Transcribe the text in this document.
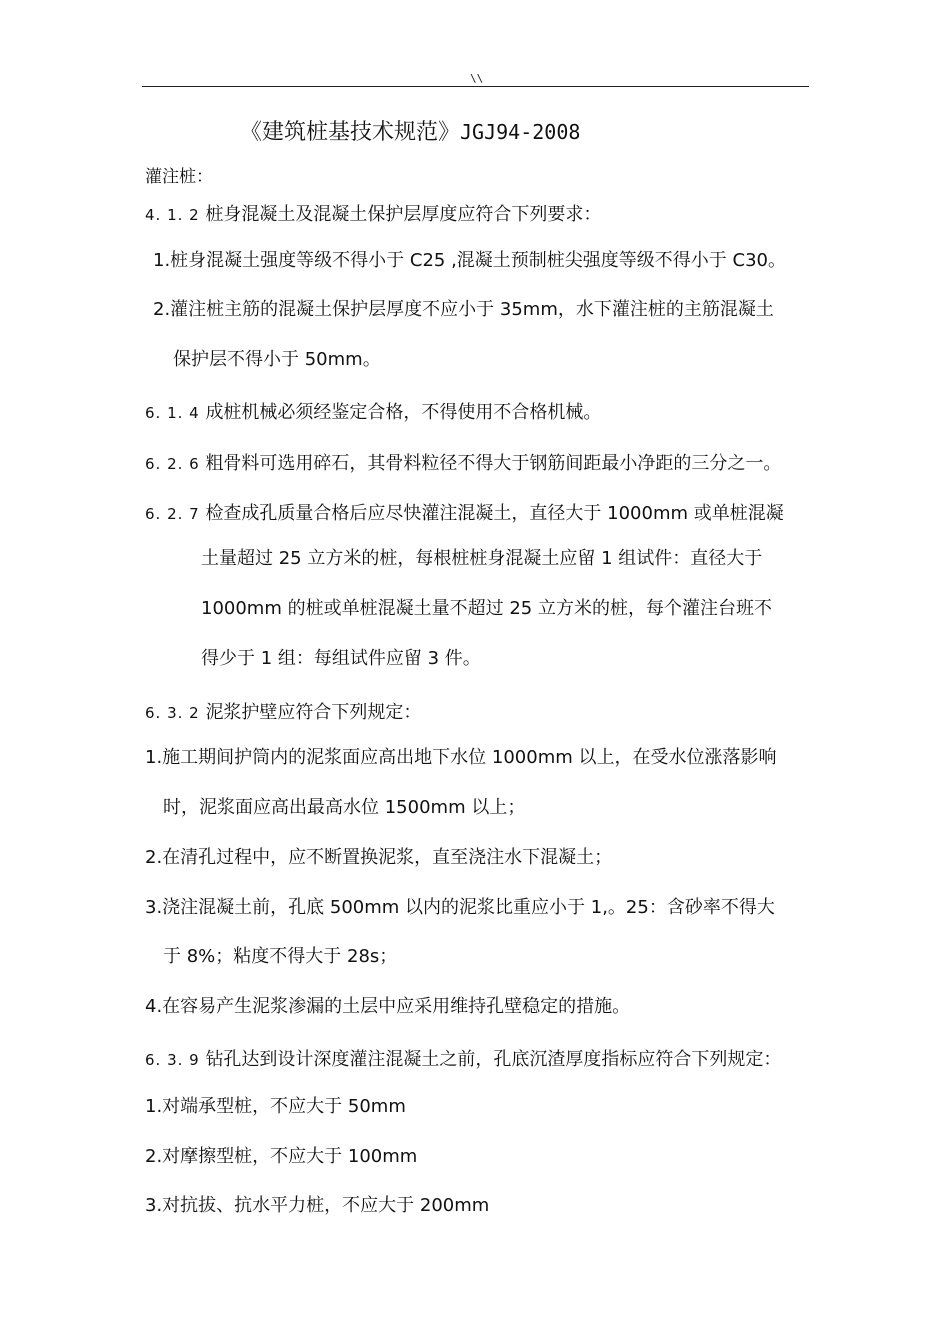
\\
《建筑桩基技术规范》JGJ94-2008
灌注桩：
4. 1. 2 桩身混凝土及混凝土保护层厚度应符合下列要求：
1.桩身混凝土强度等级不得小于 C25 ,混凝土预制桩尖强度等级不得小于 C30。
2.灌注桩主筋的混凝土保护层厚度不应小于 35mm，水下灌注桩的主筋混凝土
保护层不得小于 50mm。
6. 1. 4 成桩机械必须经鉴定合格，不得使用不合格机械。
6. 2. 6 粗骨料可选用碎石，其骨料粒径不得大于钢筋间距最小净距的三分之一。
6. 2. 7 检查成孔质量合格后应尽快灌注混凝土，直径大于 1000mm 或单桩混凝
土量超过 25 立方米的桩，每根桩桩身混凝土应留 1 组试件：直径大于
1000mm 的桩或单桩混凝土量不超过 25 立方米的桩，每个灌注台班不
得少于 1 组：每组试件应留 3 件。
6. 3. 2 泥浆护壁应符合下列规定：
1.施工期间护筒内的泥浆面应高出地下水位 1000mm 以上，在受水位涨落影响
时，泥浆面应高出最高水位 1500mm 以上；
2.在清孔过程中，应不断置换泥浆，直至浇注水下混凝土；
3.浇注混凝土前，孔底 500mm 以内的泥浆比重应小于 1,。25：含砂率不得大
于 8%；粘度不得大于 28s；
4.在容易产生泥浆渗漏的土层中应采用维持孔壁稳定的措施。
6. 3. 9 钻孔达到设计深度灌注混凝土之前，孔底沉渣厚度指标应符合下列规定：
1.对端承型桩，不应大于 50mm
2.对摩擦型桩，不应大于 100mm
3.对抗拔、抗水平力桩，不应大于 200mm
